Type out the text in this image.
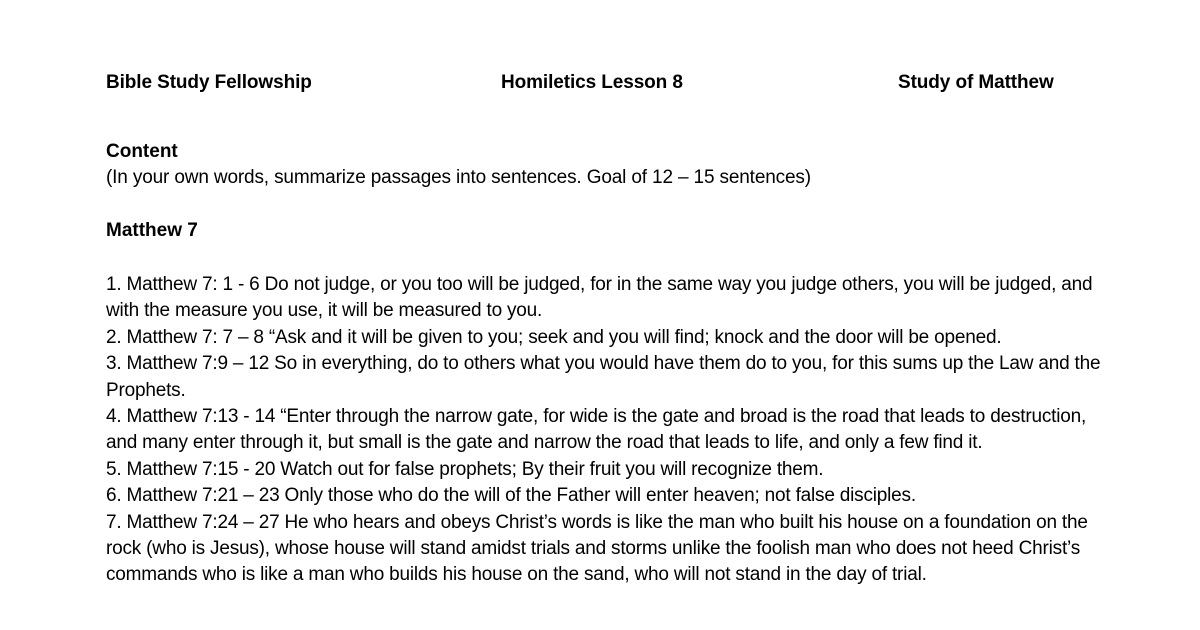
Bible Study Fellowship	Homiletics Lesson 8	Study of Matthew
Content
(In your own words, summarize passages into sentences. Goal of 12 – 15 sentences)
Matthew 7
1. Matthew 7: 1 - 6 Do not judge, or you too will be judged, for in the same way you judge others, you will be judged, and with the measure you use, it will be measured to you.
2. Matthew 7: 7 – 8 “Ask and it will be given to you; seek and you will find; knock and the door will be opened.
3. Matthew 7:9 – 12 So in everything, do to others what you would have them do to you, for this sums up the Law and the Prophets.
4. Matthew 7:13 - 14 “Enter through the narrow gate, for wide is the gate and broad is the road that leads to destruction, and many enter through it, but small is the gate and narrow the road that leads to life, and only a few find it.
5. Matthew 7:15 - 20 Watch out for false prophets; By their fruit you will recognize them.
6. Matthew 7:21 – 23 Only those who do the will of the Father will enter heaven; not false disciples.
7. Matthew 7:24 – 27 He who hears and obeys Christ’s words is like the man who built his house on a foundation on the rock (who is Jesus), whose house will stand amidst trials and storms unlike the foolish man who does not heed Christ’s commands who is like a man who builds his house on the sand, who will not stand in the day of trial.
